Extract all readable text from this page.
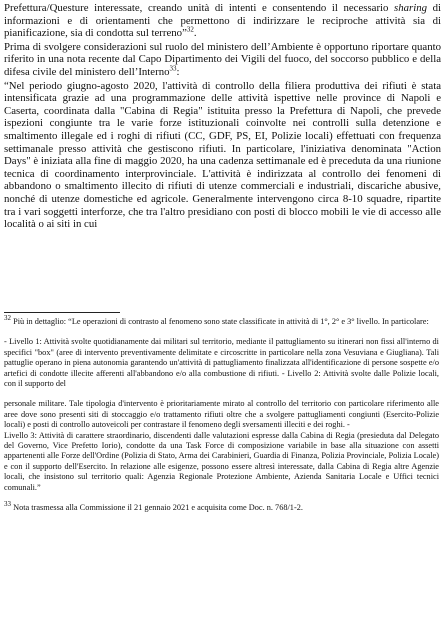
Prefettura/Questure interessate, creando unità di intenti e consentendo il necessario sharing di informazioni e di orientamenti che permettono di indirizzare le reciproche attività sia di pianificazione, sia di condotta sul terreno”$^{32}$.

Prima di svolgere considerazioni sul ruolo del ministero dell’Ambiente è opportuno riportare quanto riferito in una nota recente dal Capo Dipartimento dei Vigili del fuoco, del soccorso pubblico e della difesa civile del ministero dell’Interno$^{33}$:

“Nel periodo giugno-agosto 2020, l'attività di controllo della filiera produttiva dei rifiuti è stata intensificata grazie ad una programmazione delle attività ispettive nelle province di Napoli e Caserta, coordinata dalla "Cabina di Regia" istituita presso la Prefettura di Napoli, che prevede ispezioni congiunte tra le varie forze istituzionali coinvolte nei controlli sulla detenzione e smaltimento illegale ed i roghi di rifiuti (CC, GDF, PS, EI, Polizie locali) effettuati con frequenza settimanale presso attività che gestiscono rifiuti. In particolare, l'iniziativa denominata "Action Days" è iniziata alla fine di maggio 2020, ha una cadenza settimanale ed è preceduta da una riunione tecnica di coordinamento interprovinciale. L'attività è indirizzata al controllo dei fenomeni di abbandono o smaltimento illecito di rifiuti di utenze commerciali e industriali, discariche abusive, nonché di utenze domestiche ed agricole. Generalmente intervengono circa 8-10 squadre, ripartite tra i vari soggetti interforze, che tra l'altro presidiano con posti di blocco mobili le vie di accesso alle località o ai siti in cui

$^{32}$ Più in dettaglio: “Le operazioni di contrasto al fenomeno sono state classificate in attività di 1°, 2° e 3° livello. In particolare:

- Livello 1: Attività svolte quotidianamente dai militari sul territorio, mediante il pattugliamento su itinerari non fissi all'interno di specifici "box" (aree di intervento preventivamente delimitate e circoscritte in particolare nella zona Vesuviana e Giugliana). Tali pattuglie operano in piena autonomia garantendo un'attività di pattugliamento finalizzata all'identificazione di persone sospette e/o artefici di condotte illecite afferenti all'abbandono e/o alla combustione di rifiuti. - Livello 2: Attività svolte dalle Polizie locali, con il supporto del

personale militare. Tale tipologia d'intervento è prioritariamente mirato al controllo del territorio con particolare riferimento alle aree dove sono presenti siti di stoccaggio e/o trattamento rifiuti oltre che a svolgere pattugliamenti congiunti (Esercito-Polizie locali) e posti di controllo autoveicoli per contrastare il fenomeno degli sversamenti illeciti e dei roghi. -

Livello 3: Attività di carattere straordinario, discendenti dalle valutazioni espresse dalla Cabina di Regia (presieduta dal Delegato del Governo, Vice Prefetto Iorio), condotte da una Task Force di composizione variabile in base alla situazione con assetti appartenenti alle Forze dell'Ordine (Polizia di Stato, Arma dei Carabinieri, Guardia di Finanza, Polizia Provinciale, Polizia Locale) e con il supporto dell'Esercito. In relazione alle esigenze, possono essere altresì interessate, dalla Cabina di Regia altre Agenzie locali, che insistono sul territorio quali: Agenzia Regionale Protezione Ambiente, Azienda Sanitaria Locale e Uffici tecnici comunali.”

$^{33}$ Nota trasmessa alla Commissione il 21 gennaio 2021 e acquisita come Doc. n. 768/1-2.
